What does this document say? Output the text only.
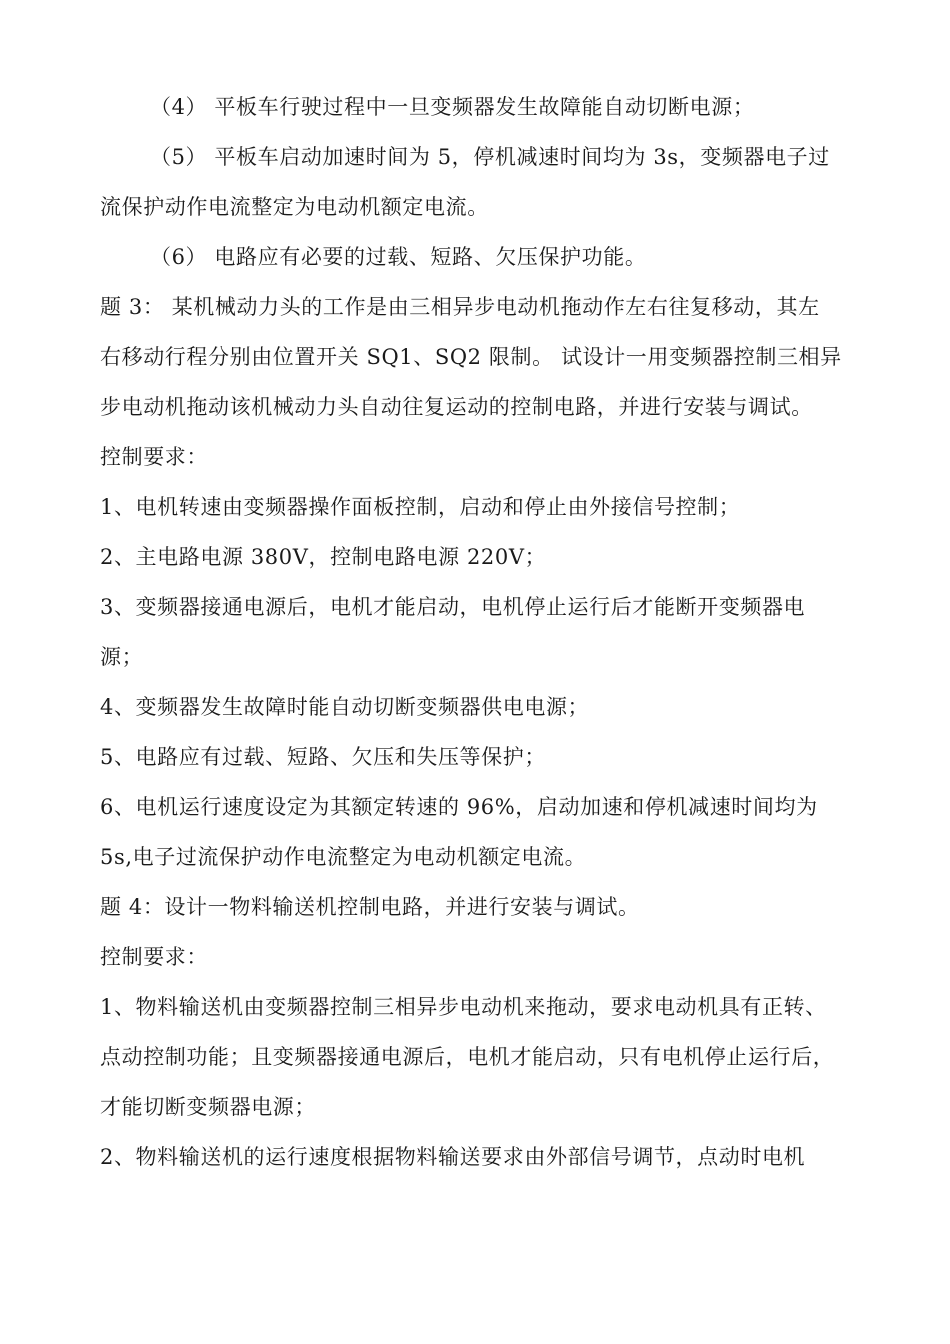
（4） 平板车行驶过程中一旦变频器发生故障能自动切断电源；
（5） 平板车启动加速时间为 5，停机减速时间均为 3s，变频器电子过
流保护动作电流整定为电动机额定电流。
（6） 电路应有必要的过载、短路、欠压保护功能。
题 3： 某机械动力头的工作是由三相异步电动机拖动作左右往复移动，其左
右移动行程分别由位置开关 SQ1、SQ2 限制。 试设计一用变频器控制三相异
步电动机拖动该机械动力头自动往复运动的控制电路，并进行安装与调试。
控制要求：
1、电机转速由变频器操作面板控制，启动和停止由外接信号控制；
2、主电路电源 380V，控制电路电源 220V；
3、变频器接通电源后，电机才能启动，电机停止运行后才能断开变频器电
源；
4、变频器发生故障时能自动切断变频器供电电源；
5、电路应有过载、短路、欠压和失压等保护；
6、电机运行速度设定为其额定转速的 96%，启动加速和停机减速时间均为
5s,电子过流保护动作电流整定为电动机额定电流。
题 4：设计一物料输送机控制电路，并进行安装与调试。
控制要求：
1、物料输送机由变频器控制三相异步电动机来拖动，要求电动机具有正转、
点动控制功能；且变频器接通电源后，电机才能启动，只有电机停止运行后，
才能切断变频器电源；
2、物料输送机的运行速度根据物料输送要求由外部信号调节，点动时电机
